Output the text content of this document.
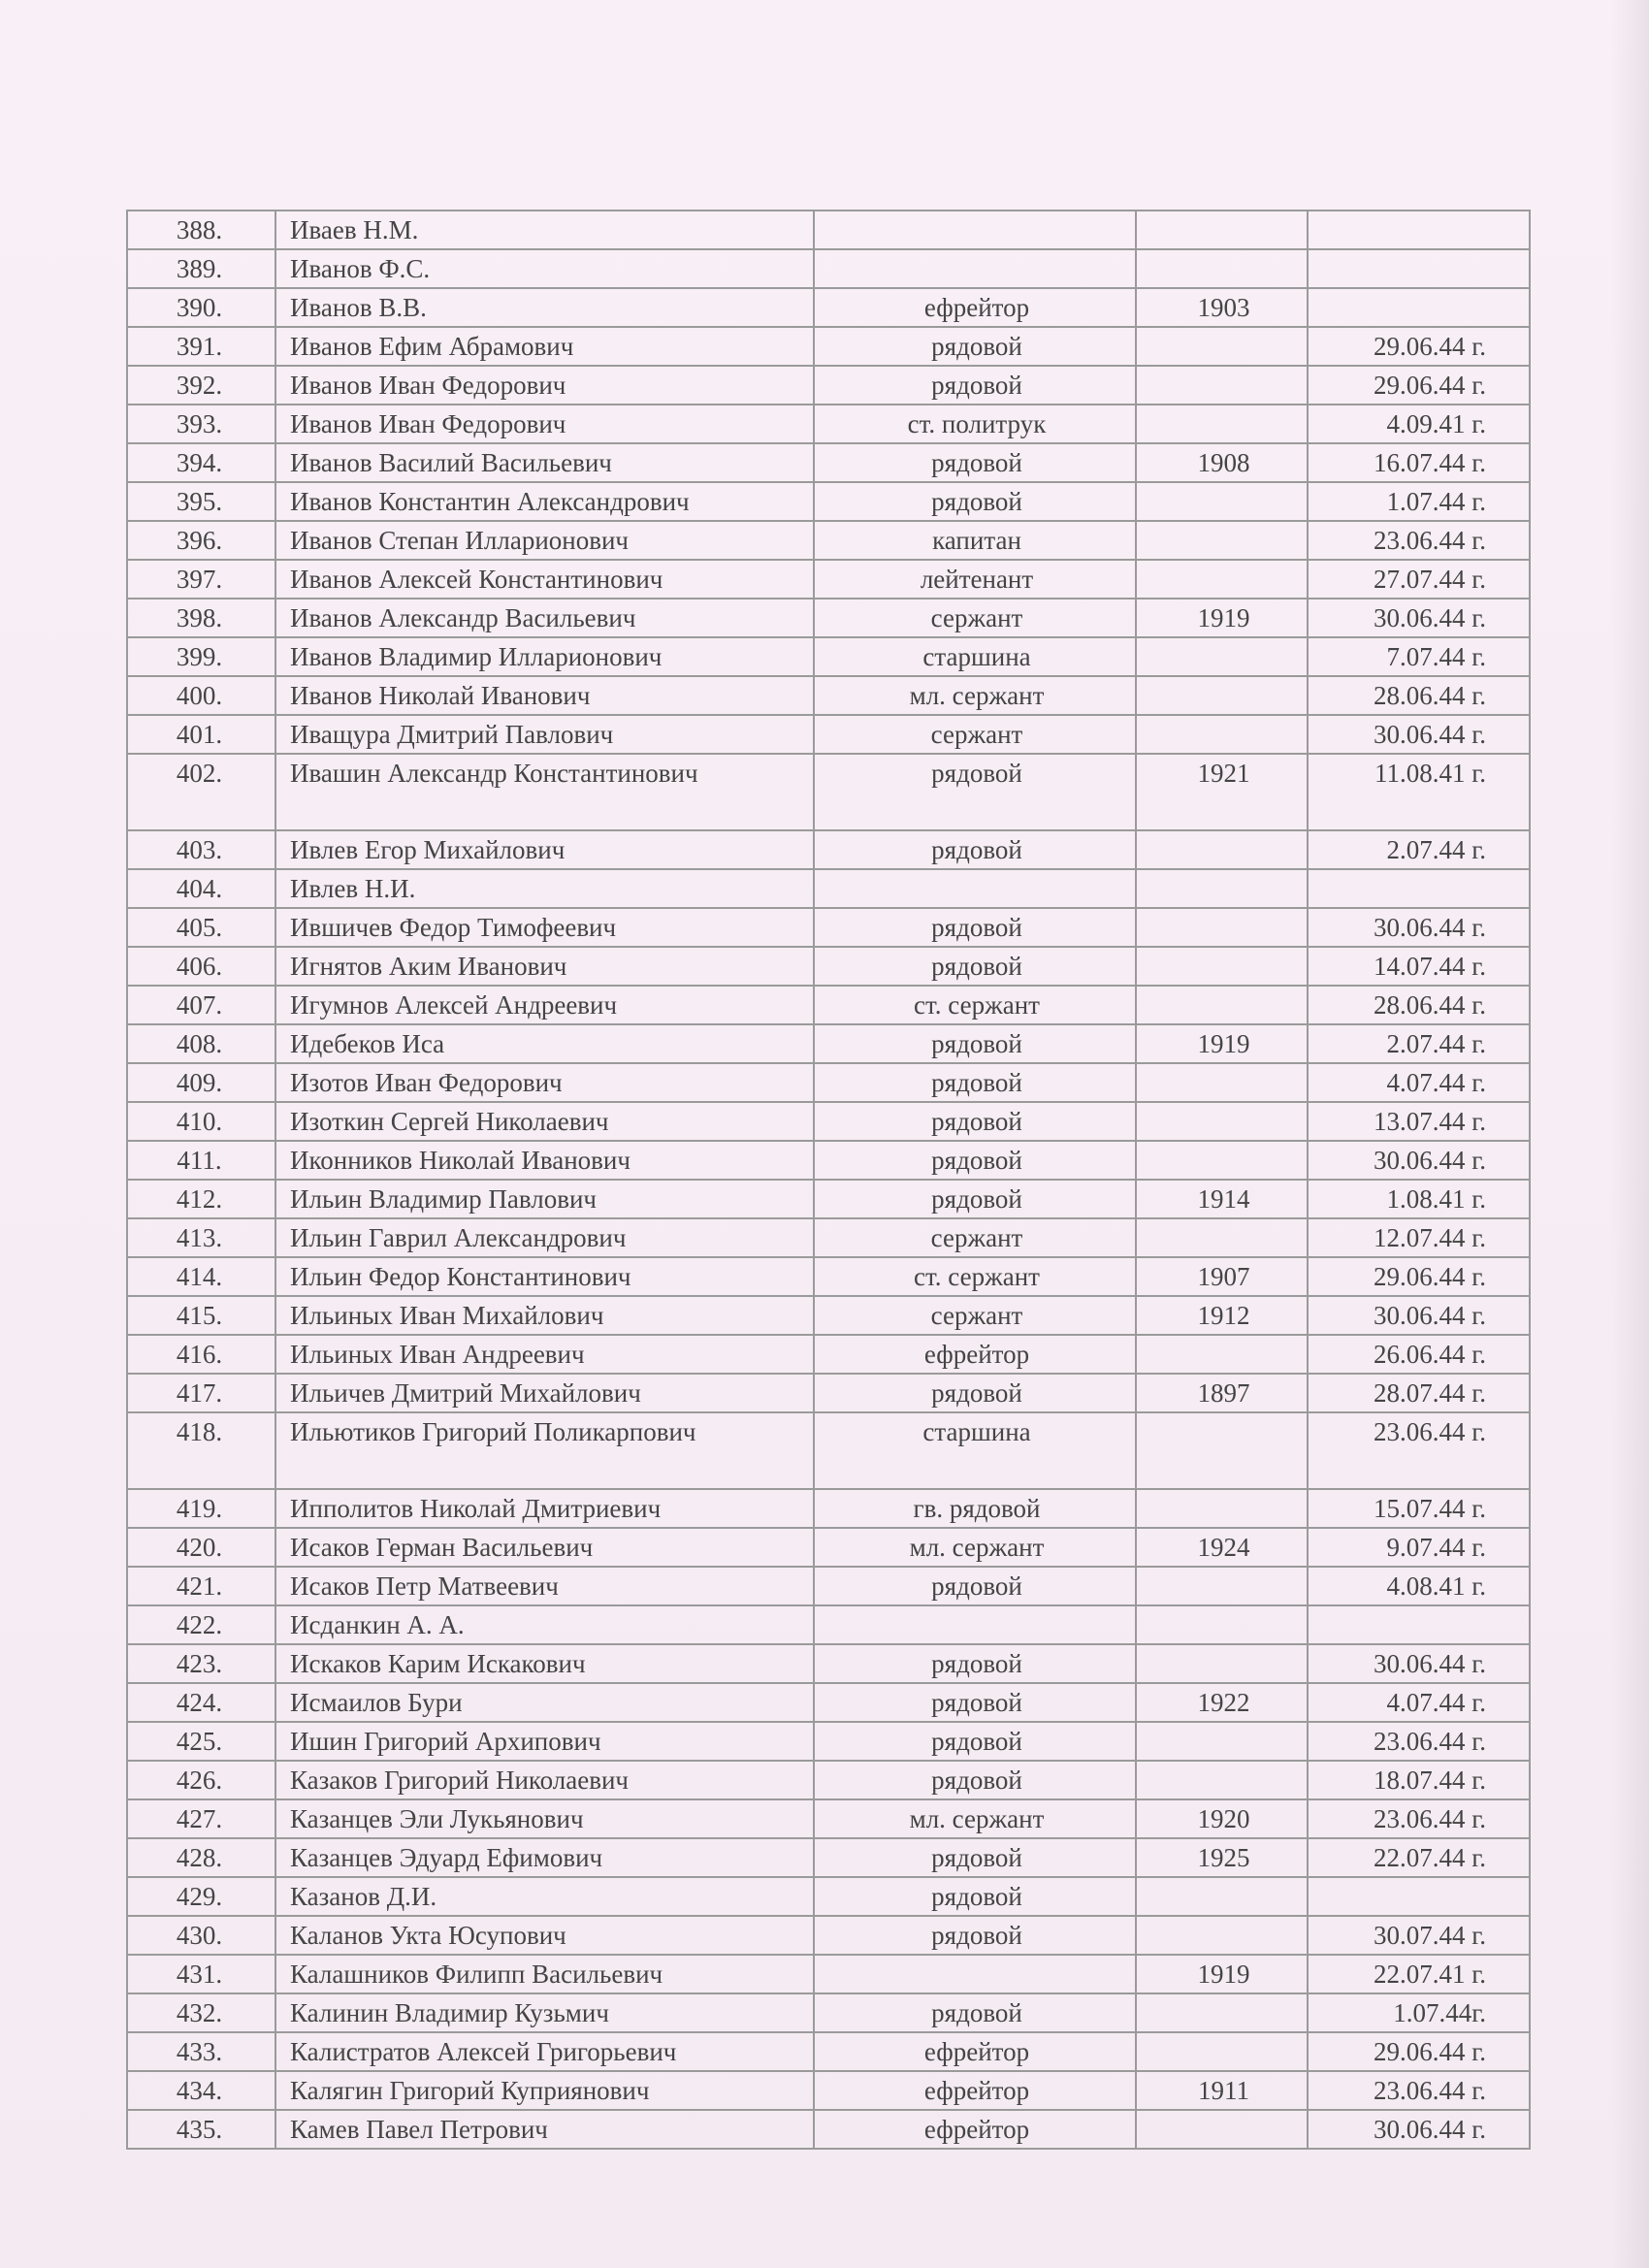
388.	Иваев Н.М.			
389.	Иванов Ф.С.			
390.	Иванов В.В.	ефрейтор	1903	
391.	Иванов Ефим Абрамович	рядовой		29.06.44 г.
392.	Иванов Иван Федорович	рядовой		29.06.44 г.
393.	Иванов Иван Федорович	ст. политрук		4.09.41 г.
394.	Иванов Василий Васильевич	рядовой	1908	16.07.44 г.
395.	Иванов Константин Александрович	рядовой		1.07.44 г.
396.	Иванов Степан Илларионович	капитан		23.06.44 г.
397.	Иванов Алексей Константинович	лейтенант		27.07.44 г.
398.	Иванов Александр Васильевич	сержант	1919	30.06.44 г.
399.	Иванов Владимир Илларионович	старшина		7.07.44 г.
400.	Иванов Николай Иванович	мл. сержант		28.06.44 г.
401.	Иващура Дмитрий Павлович	сержант		30.06.44 г.
402.	Ивашин Александр Константинович	рядовой	1921	11.08.41 г.
403.	Ивлев Егор Михайлович	рядовой		2.07.44 г.
404.	Ивлев Н.И.			
405.	Ившичев Федор Тимофеевич	рядовой		30.06.44 г.
406.	Игнятов Аким Иванович	рядовой		14.07.44 г.
407.	Игумнов Алексей Андреевич	ст. сержант		28.06.44 г.
408.	Идебеков Иса	рядовой	1919	2.07.44 г.
409.	Изотов Иван Федорович	рядовой		4.07.44 г.
410.	Изоткин Сергей Николаевич	рядовой		13.07.44 г.
411.	Иконников Николай Иванович	рядовой		30.06.44 г.
412.	Ильин Владимир Павлович	рядовой	1914	1.08.41 г.
413.	Ильин Гаврил Александрович	сержант		12.07.44 г.
414.	Ильин Федор Константинович	ст. сержант	1907	29.06.44 г.
415.	Ильиных Иван Михайлович	сержант	1912	30.06.44 г.
416.	Ильиных Иван Андреевич	ефрейтор		26.06.44 г.
417.	Ильичев Дмитрий Михайлович	рядовой	1897	28.07.44 г.
418.	Ильютиков Григорий Поликарпович	старшина		23.06.44 г.
419.	Ипполитов Николай Дмитриевич	гв. рядовой		15.07.44 г.
420.	Исаков Герман Васильевич	мл. сержант	1924	9.07.44 г.
421.	Исаков Петр Матвеевич	рядовой		4.08.41 г.
422.	Исданкин А. А.			
423.	Искаков Карим Искакович	рядовой		30.06.44 г.
424.	Исмаилов Бури	рядовой	1922	4.07.44 г.
425.	Ишин Григорий Архипович	рядовой		23.06.44 г.
426.	Казаков Григорий Николаевич	рядовой		18.07.44 г.
427.	Казанцев Эли Лукьянович	мл. сержант	1920	23.06.44 г.
428.	Казанцев Эдуард Ефимович	рядовой	1925	22.07.44 г.
429.	Казанов Д.И.	рядовой		
430.	Каланов Укта Юсупович	рядовой		30.07.44 г.
431.	Калашников Филипп Васильевич		1919	22.07.41 г.
432.	Калинин Владимир Кузьмич	рядовой		1.07.44г.
433.	Калистратов Алексей Григорьевич	ефрейтор		29.06.44 г.
434.	Калягин Григорий Куприянович	ефрейтор	1911	23.06.44 г.
435.	Камев Павел Петрович	ефрейтор		30.06.44 г.
